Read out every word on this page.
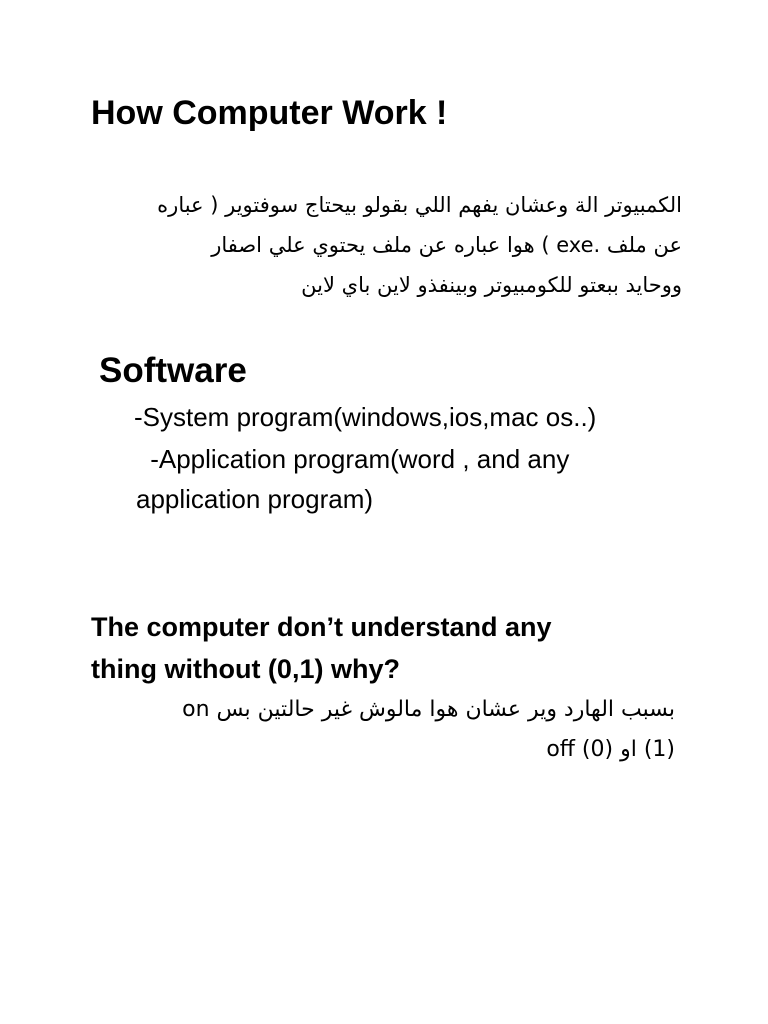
How Computer Work !
الكمبيوتر الة وعشان يفهم اللي بقولو بيحتاج سوفتوير ( عباره
عن ملف .exe ) هوا عباره عن ملف يحتوي علي اصفار
ووحايد ببعتو للكومبيوتر وبينفذو لاين باي لاين
Software
-System program(windows,ios,mac os..)
-Application program(word , and any
application program)
The computer don’t understand any
thing without (0,1) why?
بسبب الهارد وير عشان هوا مالوش غير حالتين بس on
(1) او (0) off
